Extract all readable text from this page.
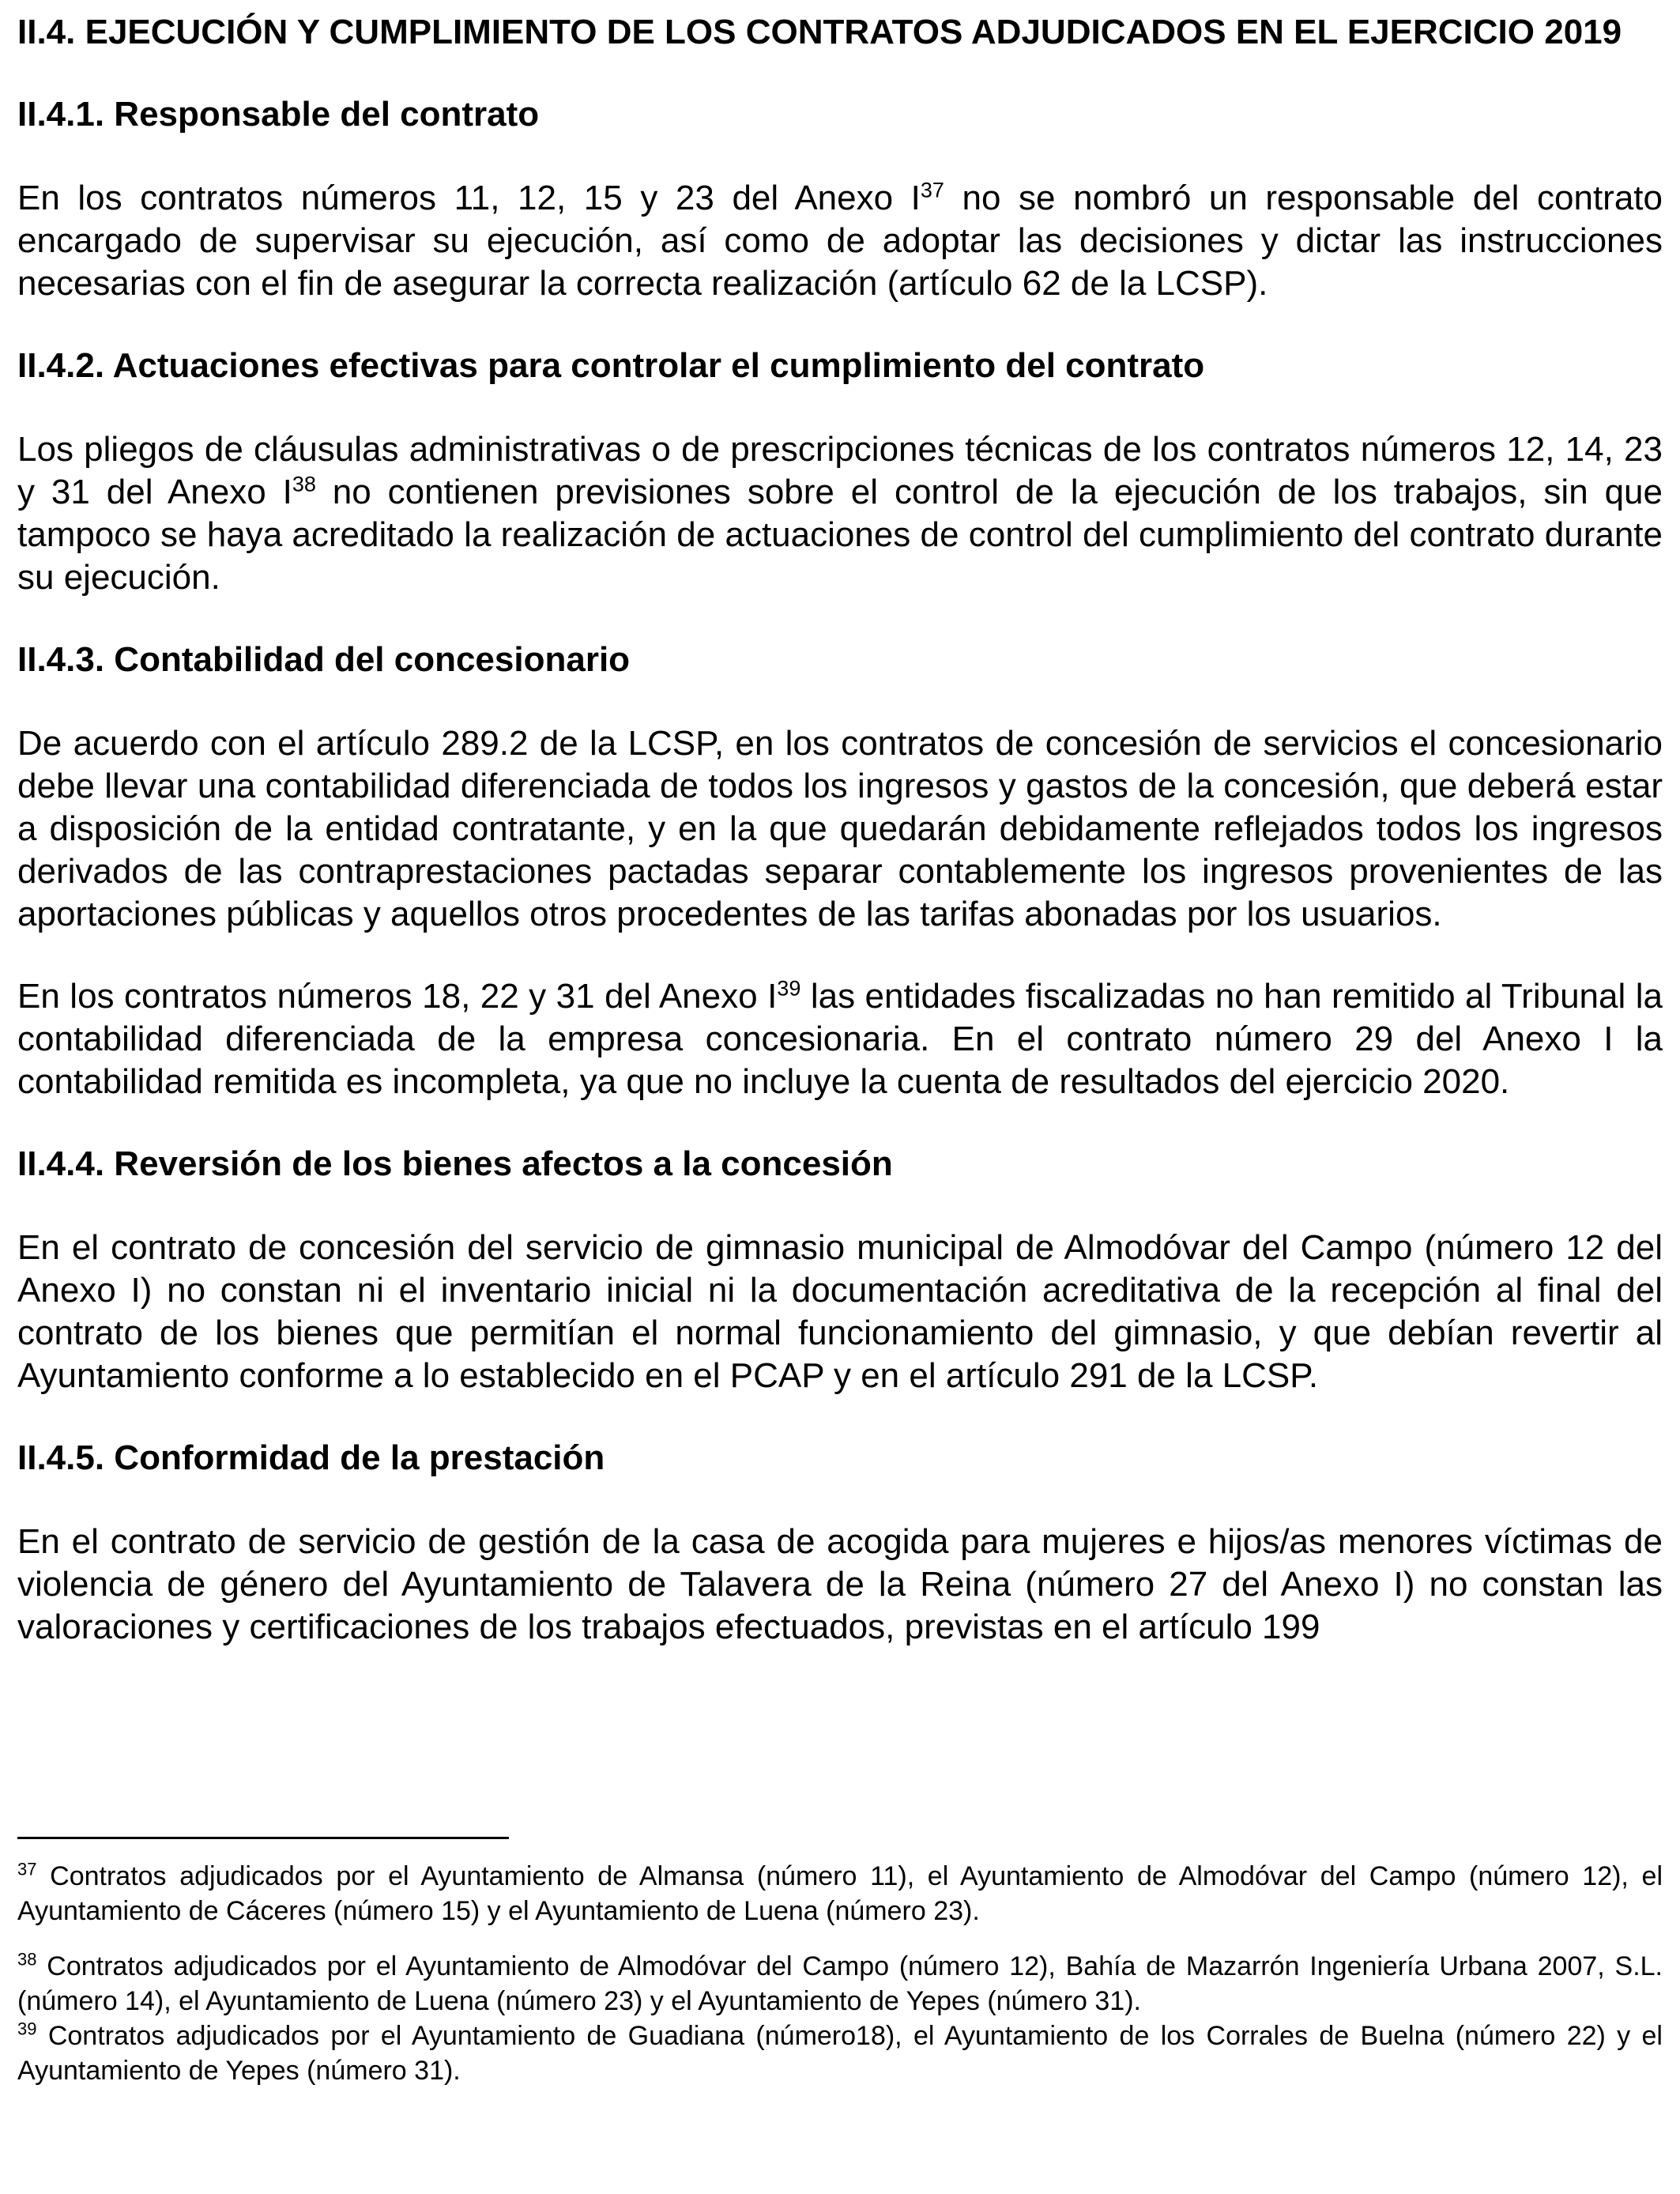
II.4. EJECUCIÓN Y CUMPLIMIENTO DE LOS CONTRATOS ADJUDICADOS EN EL EJERCICIO 2019
II.4.1. Responsable del contrato

En los contratos números 11, 12, 15 y 23 del Anexo $I^{37}$ no se nombró un responsable del contrato encargado de supervisar su ejecución, así como de adoptar las decisiones y dictar las instrucciones necesarias con el fin de asegurar la correcta realización (artículo 62 de la LCSP).

II.4.2. Actuaciones efectivas para controlar el cumplimiento del contrato

Los pliegos de cláusulas administrativas o de prescripciones técnicas de los contratos números 12, 14, 23 y 31 del Anexo $I^{38}$ no contienen previsiones sobre el control de la ejecución de los trabajos, sin que tampoco se haya acreditado la realización de actuaciones de control del cumplimiento del contrato durante su ejecución.

II.4.3. Contabilidad del concesionario

De acuerdo con el artículo 289.2 de la LCSP, en los contratos de concesión de servicios el concesionario debe llevar una contabilidad diferenciada de todos los ingresos y gastos de la concesión, que deberá estar a disposición de la entidad contratante, y en la que quedarán debidamente reflejados todos los ingresos derivados de las contraprestaciones pactadas separar contablemente los ingresos provenientes de las aportaciones públicas y aquellos otros procedentes de las tarifas abonadas por los usuarios.

En los contratos números 18, 22 y 31 del Anexo $I^{39}$ las entidades fiscalizadas no han remitido al Tribunal la contabilidad diferenciada de la empresa concesionaria. En el contrato número 29 del Anexo I la contabilidad remitida es incompleta, ya que no incluye la cuenta de resultados del ejercicio 2020.

II.4.4. Reversión de los bienes afectos a la concesión

En el contrato de concesión del servicio de gimnasio municipal de Almodóvar del Campo (número 12 del Anexo I) no constan ni el inventario inicial ni la documentación acreditativa de la recepción al final del contrato de los bienes que permitían el normal funcionamiento del gimnasio, y que debían revertir al Ayuntamiento conforme a lo establecido en el PCAP y en el artículo 291 de la LCSP.

II.4.5. Conformidad de la prestación

En el contrato de servicio de gestión de la casa de acogida para mujeres e hijos/as menores víctimas de violencia de género del Ayuntamiento de Talavera de la Reina (número 27 del Anexo I) no constan las valoraciones y certificaciones de los trabajos efectuados, previstas en el artículo 199

$^{37}$ Contratos adjudicados por el Ayuntamiento de Almansa (número 11), el Ayuntamiento de Almodóvar del Campo (número 12), el Ayuntamiento de Cáceres (número 15) y el Ayuntamiento de Luena (número 23).

$^{38}$ Contratos adjudicados por el Ayuntamiento de Almodóvar del Campo (número 12), Bahía de Mazarrón Ingeniería Urbana 2007, S.L. (número 14), el Ayuntamiento de Luena (número 23) y el Ayuntamiento de Yepes (número 31).

$^{39}$ Contratos adjudicados por el Ayuntamiento de Guadiana (número18), el Ayuntamiento de los Corrales de Buelna (número 22) y el Ayuntamiento de Yepes (número 31).
